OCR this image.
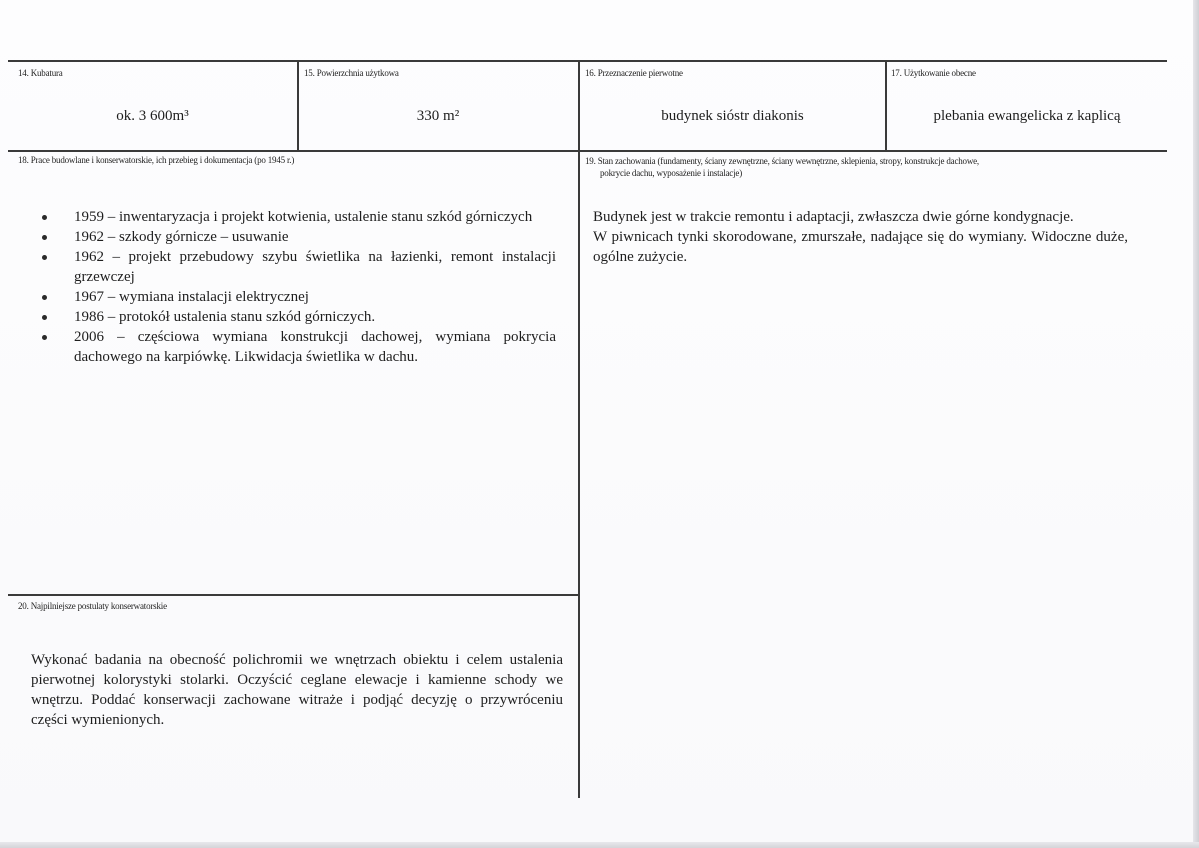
14. Kubatura
ok. 3 600m³
15. Powierzchnia użytkowa
330 m²
16. Przeznaczenie pierwotne
budynek sióstr diakonis
17. Użytkowanie obecne
plebania ewangelicka z kaplicą
18. Prace budowlane i konserwatorskie, ich przebieg i dokumentacja (po 1945 r.)
1959 – inwentaryzacja i projekt kotwienia, ustalenie stanu szkód górniczych
1962 – szkody górnicze – usuwanie
1962 – projekt przebudowy szybu świetlika na łazienki, remont instalacji grzewczej
1967 – wymiana instalacji elektrycznej
1986 – protokół ustalenia stanu szkód górniczych.
2006 – częściowa wymiana konstrukcji dachowej, wymiana pokrycia dachowego na karpiówkę. Likwidacja świetlika w dachu.
19. Stan zachowania (fundamenty, ściany zewnętrzne, ściany wewnętrzne, sklepienia, stropy, konstrukcje dachowe,
pokrycie dachu, wyposażenie i instalacje)

Budynek jest w trakcie remontu i adaptacji, zwłaszcza dwie górne kondygnacje.

W piwnicach tynki skorodowane, zmurszałe, nadające się do wymiany. Widoczne duże, ogólne zużycie.

20. Najpilniejsze postulaty konserwatorskie
Wykonać badania na obecność polichromii we wnętrzach obiektu i celem ustalenia pierwotnej kolorystyki stolarki. Oczyścić ceglane elewacje i kamienne schody we wnętrzu. Poddać konserwacji zachowane witraże i podjąć decyzję o przywróceniu części wymienionych.
